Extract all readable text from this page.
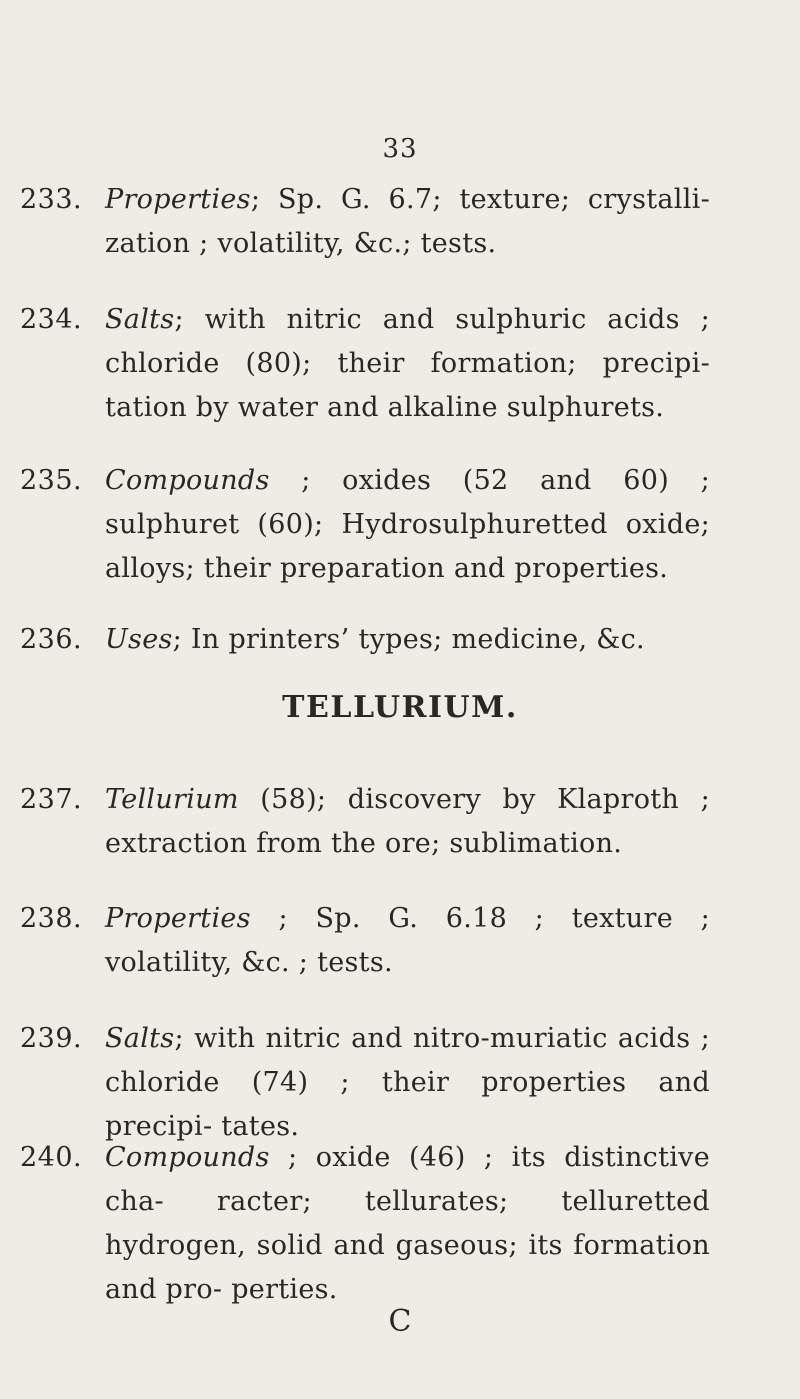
33
233. Properties; Sp. G. 6.7; texture; crystalli- zation ; volatility, &c.; tests.
234. Salts; with nitric and sulphuric acids ; chloride (80); their formation; precipi- tation by water and alkaline sulphurets.
235. Compounds ; oxides (52 and 60) ; sulphuret (60); Hydrosulphuretted oxide; alloys; their preparation and properties.
236. Uses; In printers’ types; medicine, &c.
TELLURIUM.
237. Tellurium (58); discovery by Klaproth ; extraction from the ore; sublimation.
238. Properties ; Sp. G. 6.18 ; texture ; volatility, &c. ; tests.
239. Salts; with nitric and nitro-muriatic acids ; chloride (74) ; their properties and precipi- tates.
240. Compounds ; oxide (46) ; its distinctive cha- racter; tellurates; telluretted hydrogen, solid and gaseous; its formation and pro- perties.
C
